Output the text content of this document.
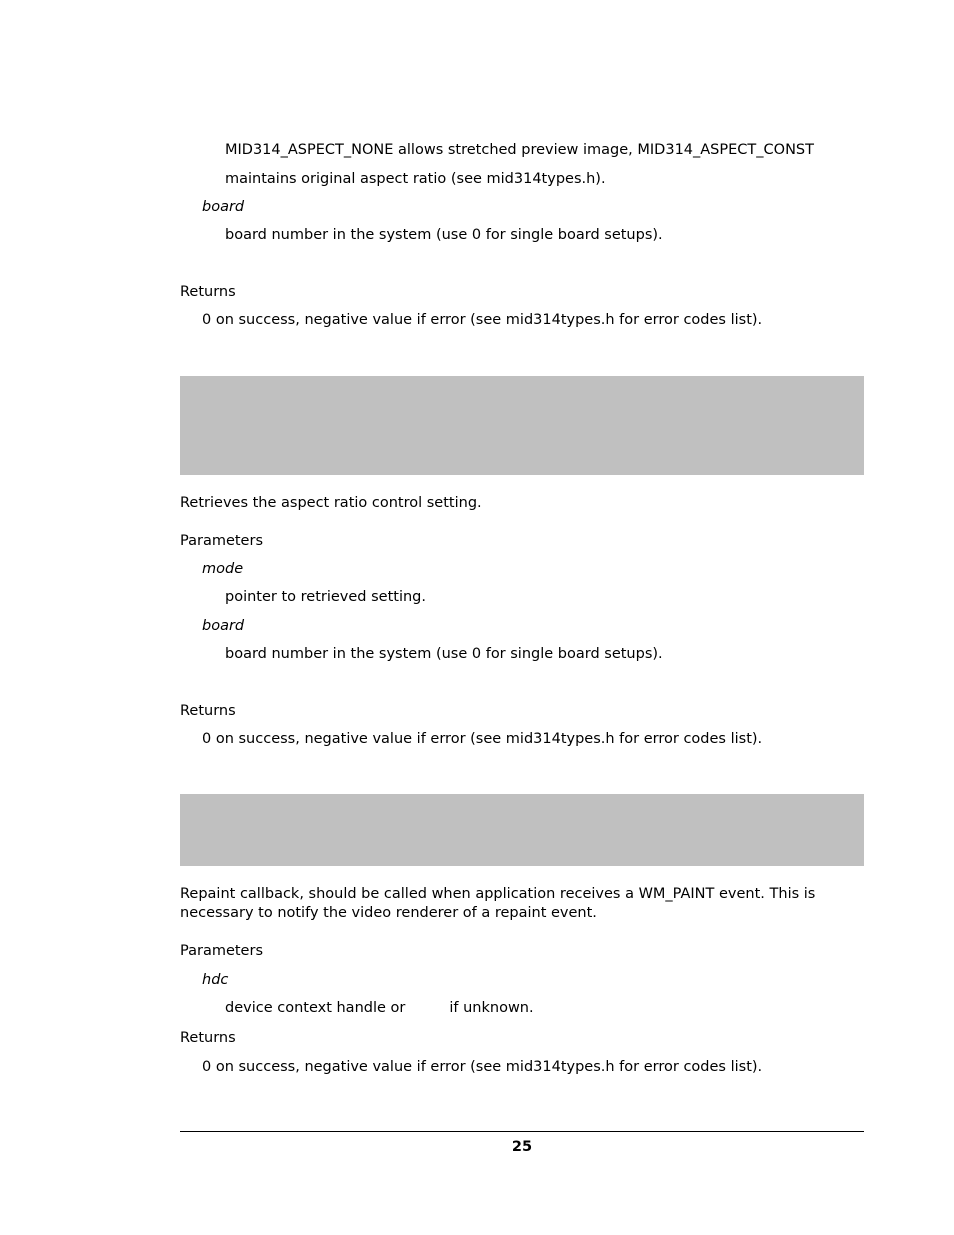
MID314_ASPECT_NONE allows stretched preview image, MID314_ASPECT_CONST
maintains original aspect ratio (see mid314types.h).
board
board number in the system (use 0 for single board setups).
Returns
0 on success, negative value if error (see mid314types.h for error codes list).
Retrieves the aspect ratio control setting.
Parameters
mode
pointer to retrieved setting.
board
board number in the system (use 0 for single board setups).
Returns
0 on success, negative value if error (see mid314types.h for error codes list).
Repaint callback, should be called when application receives a WM_PAINT event. This is necessary to notify the video renderer of a repaint event.
Parameters
hdc
device context handle or	if unknown.
Returns
0 on success, negative value if error (see mid314types.h for error codes list).
25
